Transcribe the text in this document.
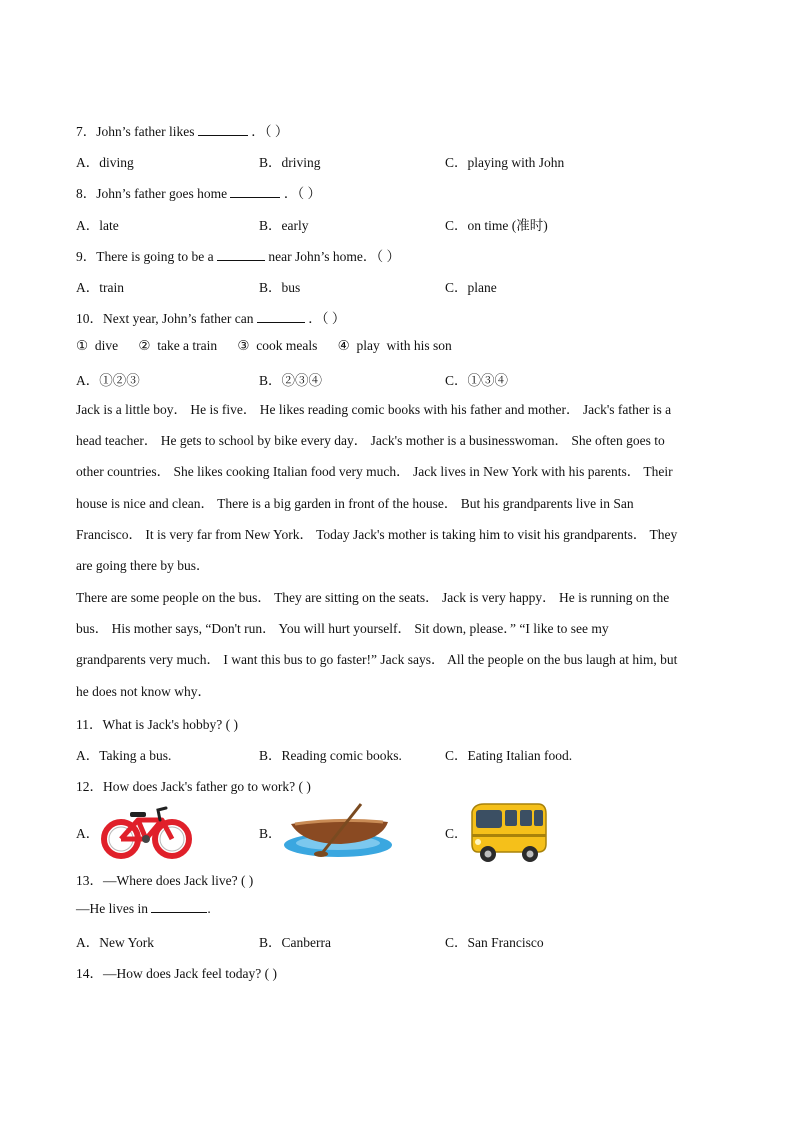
7．John’s father likes	．（ ）
A．diving	B．driving	C．playing with John
8．John’s father goes home	．（ ）
A．late	B．early	C．on time (准时)
9．There is going to be a	near John’s home．（ ）
A．train	B．bus	C．plane
10．Next year, John’s father can	．（ ）
①  dive      ②  take a train      ③  cook meals      ④  play  with his son
A．①②③	B．②③④	C．①③④
Jack is a little boy． He is five． He likes reading comic books with his father and mother． Jack's father is a
head teacher． He gets to school by bike every day． Jack's mother is a businesswoman． She often goes to
other countries． She likes cooking Italian food very much． Jack lives in New York with his parents． Their
house is nice and clean． There is a big garden in front of the house． But his grandparents live in San
Francisco． It is very far from New York． Today Jack's mother is taking him to visit his grandparents． They
are going there by bus．
There are some people on the bus． They are sitting on the seats． Jack is very happy． He is running on the
bus． His mother says, “Don't run． You will hurt yourself． Sit down, please．” “I like to see my
grandparents very much． I want this bus to go faster!” Jack says． All the people on the bus laugh at him, but
he does not know why．
11．What is Jack's hobby? ( )
A．Taking a bus.	B．Reading comic books.	C．Eating Italian food.
12．How does Jack's father go to work? ( )
A．	B．	C．
13．—Where does Jack live? ( )
—He lives in	.
A．New York	B．Canberra	C．San Francisco
14．—How does Jack feel today? ( )
